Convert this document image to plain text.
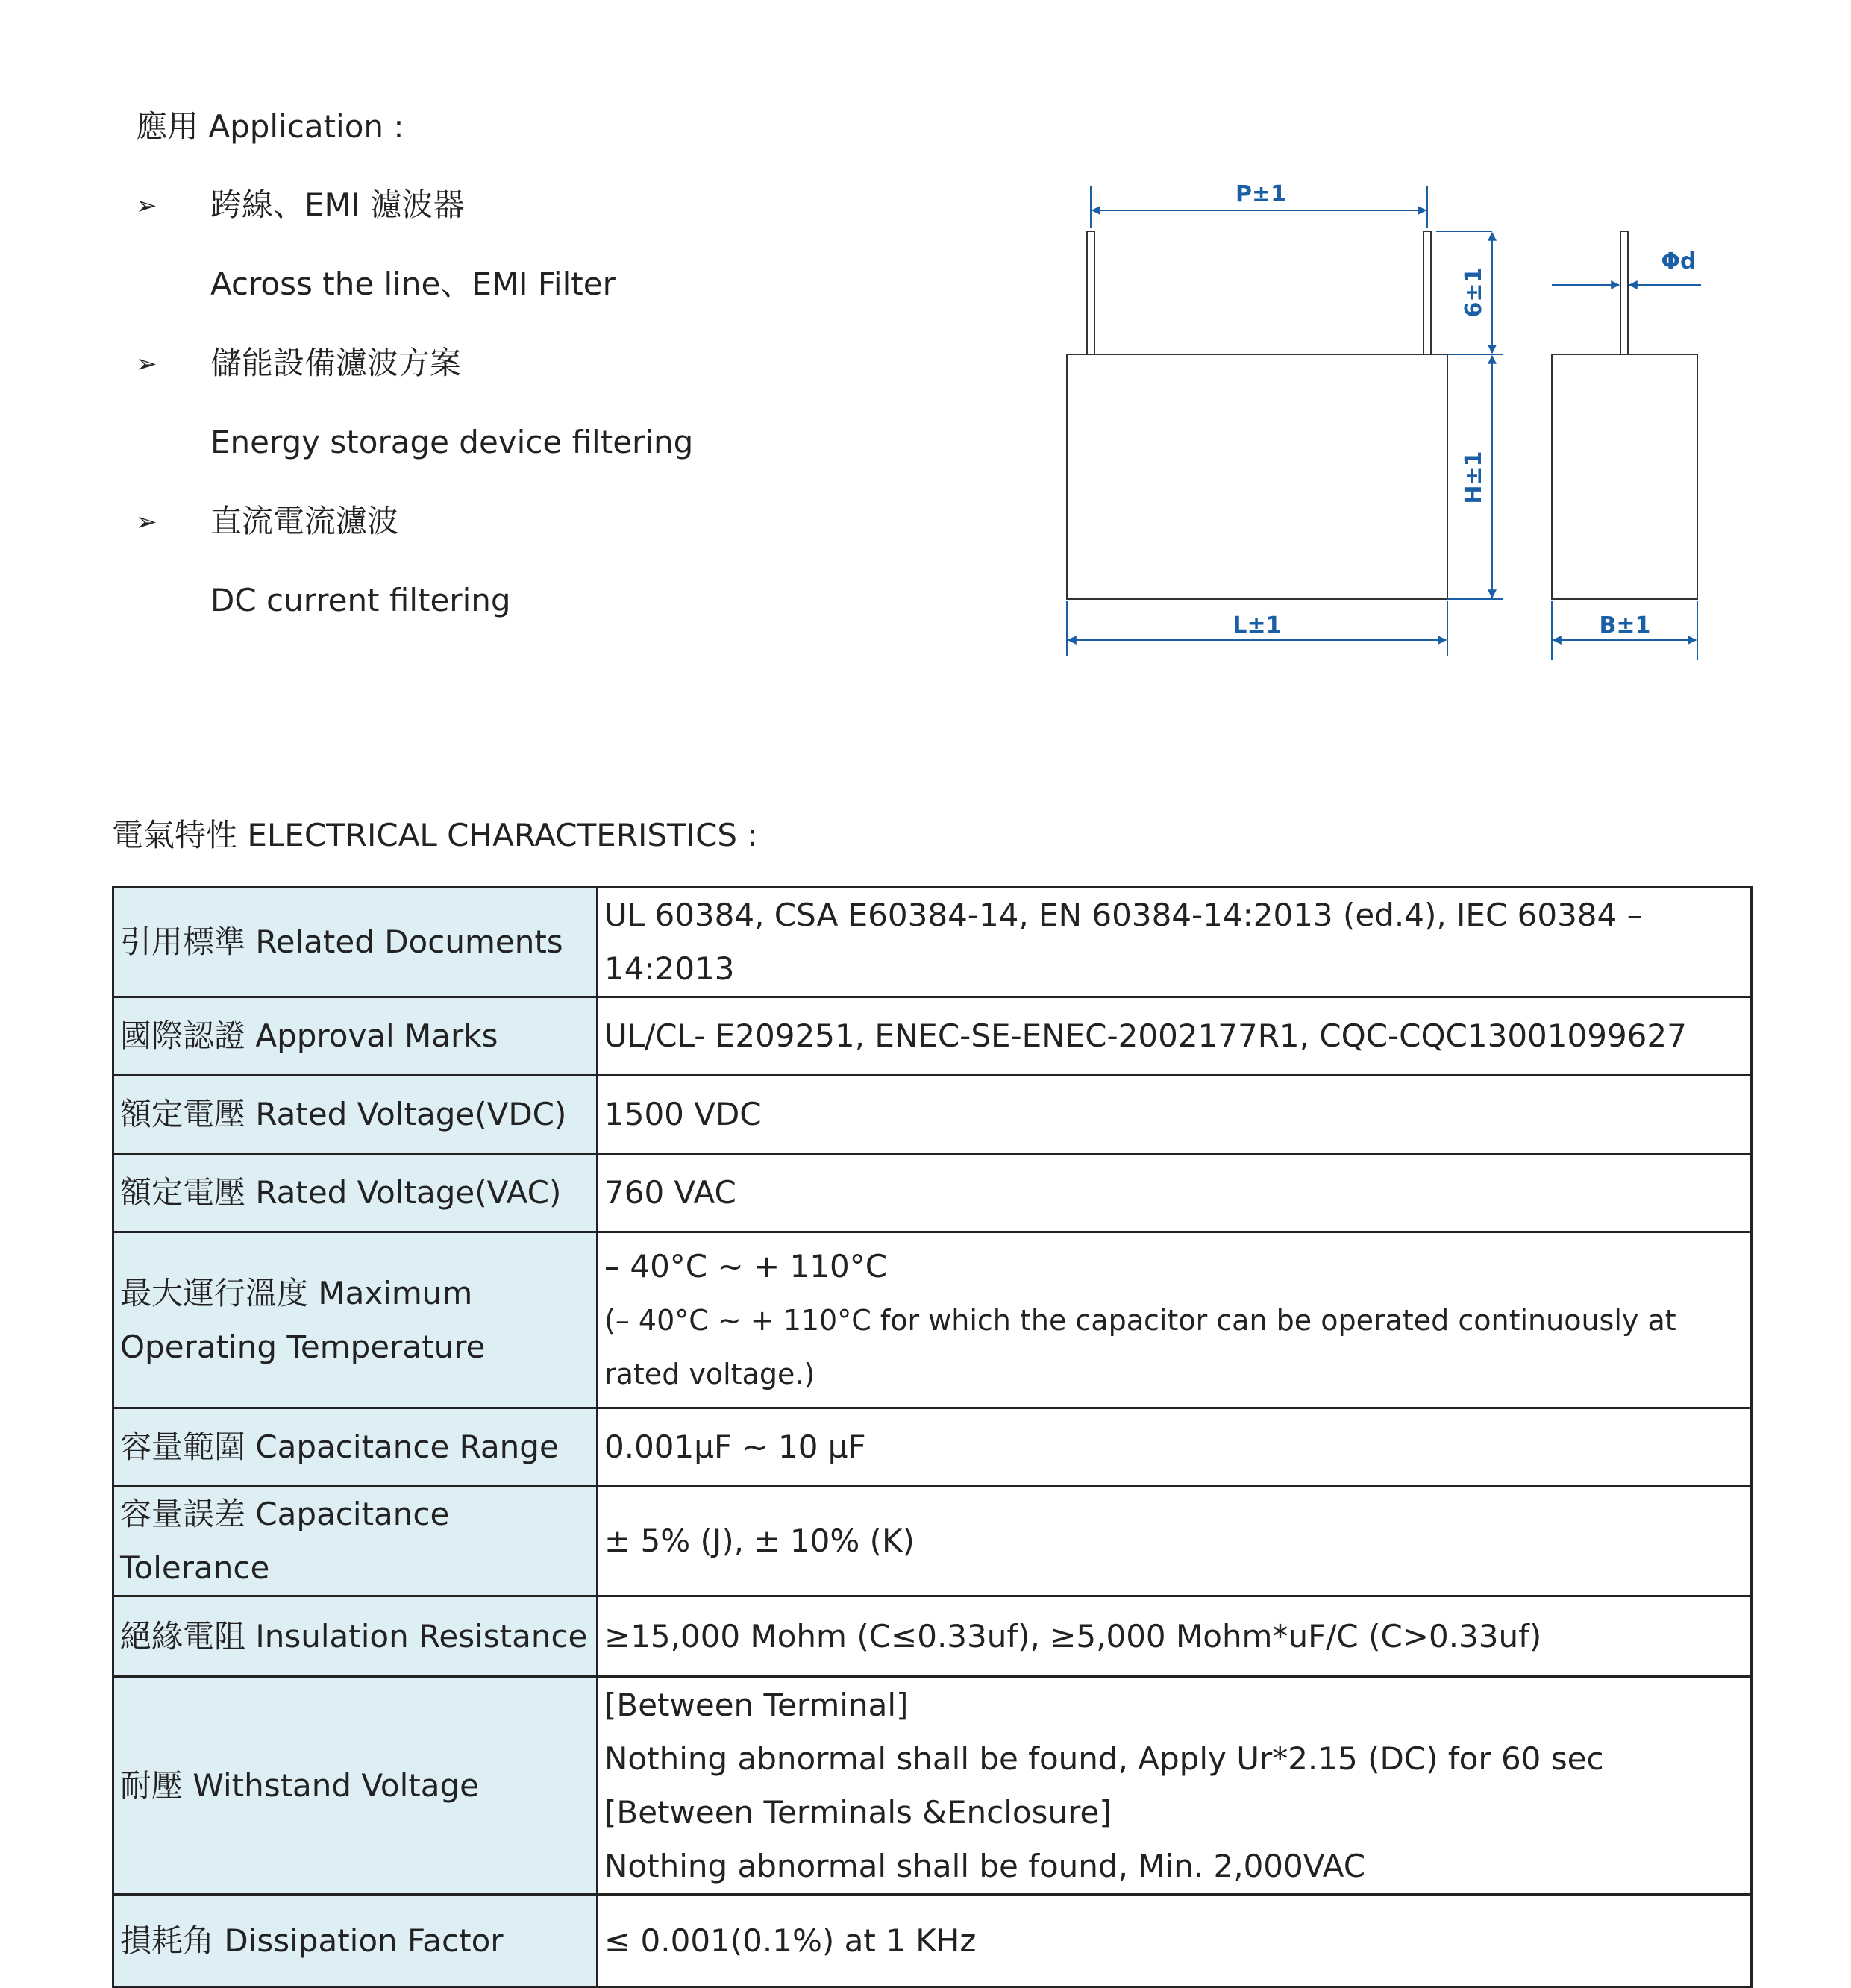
應用 Application :
➢ 跨線、EMI 濾波器
Across the line、EMI Filter
➢ 儲能設備濾波方案
Energy storage device filtering
➢ 直流電流濾波
DC current filtering
P±1
6±1
H±1
L±1
Φd
B±1
電氣特性 ELECTRICAL CHARACTERISTICS :
引用標準 Related Documents	UL 60384, CSA E60384-14, EN 60384-14:2013 (ed.4), IEC 60384 –14:2013
國際認證 Approval Marks	UL/CL- E209251, ENEC-SE-ENEC-2002177R1, CQC-CQC13001099627
額定電壓 Rated Voltage(VDC)	1500 VDC
額定電壓 Rated Voltage(VAC)	760 VAC

最大運行溫度 Maximum
Operating Temperature	– 40°C ~ + 110°C
(– 40°C ~ + 110°C for which the capacitor can be operated continuously at rated voltage.)

容量範圍 Capacitance Range	0.001μF ~ 10 μF
容量誤差 Capacitance Tolerance	± 5% (J), ± 10% (K)
絕緣電阻 Insulation Resistance	≥15,000 Mohm (C≤0.33uf), ≥5,000 Mohm*uF/C (C>0.33uf)
耐壓 Withstand Voltage	[Between Terminal]
Nothing abnormal shall be found, Apply Ur*2.15 (DC) for 60 sec
[Between Terminals &Enclosure]
Nothing abnormal shall be found, Min. 2,000VAC

損耗角 Dissipation Factor	≤ 0.001(0.1%) at 1 KHz
